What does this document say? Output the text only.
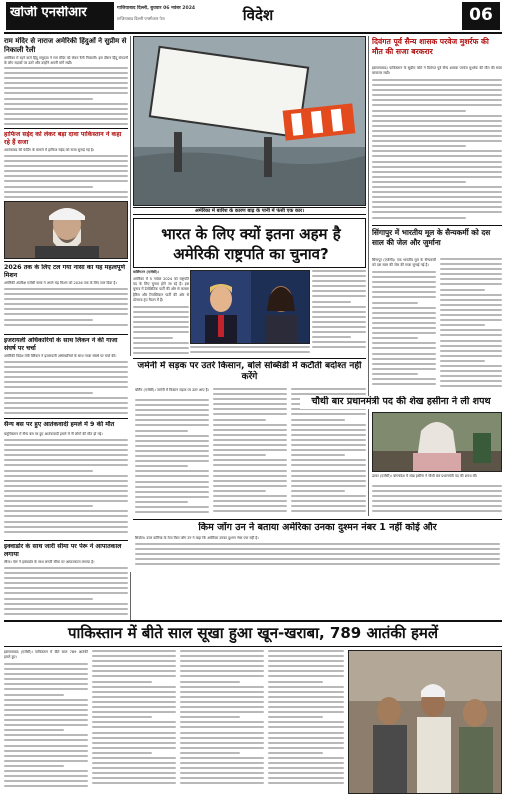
खोजी एनसीआर	गाजियाबाद दिल्ली, बुधवार 06 नवंबर 2024
ग़ाज़ियाबाद दिल्ली एनसीआर पेज	विदेश	06
राम मंदिर से नाराज अमेरिकी हिंदुओं ने सुप्रीम से निकाली रैली
अमेरिका में रहने वाले हिंदू समुदाय ने राम मंदिर को लेकर रैली निकाली। इस दौरान हिंदू संगठनों के लोग सड़कों पर उतरे और उन्होंने अपनी मांगें रखीं।
हाफिज सईद को लेकर बड़ा दावा पाकिस्तान ने कहा रहे हैं सजा
आतंकवाद की फंडिंग के मामले में हाफिज सईद को सजा सुनाई गई है।
2026 तक के लिए टल गया नासा का यह महत्वपूर्ण मिशन
अमेरिकी अंतरिक्ष एजेंसी नासा ने अपने चंद्र मिशन को 2026 तक के लिए टाल दिया है।
इजरायली अधिकारियों के साथ लिंकन ने की गाजा संघर्ष पर चर्चा
अमेरिकी विदेश मंत्री ब्लिंकन ने इजरायली अधिकारियों के साथ गाजा संघर्ष पर चर्चा की।
सैन्य बस पर हुए आतंकवादी हमले में 9 की मौत
बलूचिस्तान में सैन्य बस पर हुए आतंकवादी हमले में नौ लोगों की मौत हो गई।
इक्वाडोर के साथ जारी सीमा पर पेरू ने आपातकाल लगाया
लीमा। पेरू ने इक्वाडोर के साथ लगती सीमा पर आपातकाल लगाया है।
अमेरिका में बारिश के कारण बाढ़ के पानी में फंसी एक कार।
दिवंगत पूर्व सैन्य शासक परवेज मुशर्रफ की मौत की सजा बरकरार
इस्लामाबाद। पाकिस्तान के सुप्रीम कोर्ट ने दिवंगत पूर्व सैन्य शासक परवेज मुशर्रफ की मौत की सजा बरकरार रखी।
भारत के लिए क्यों इतना अहम है
अमेरिकी राष्ट्रपति का चुनाव?
सिंगापुर में भारतीय मूल के सैन्यकर्मी को दस साल की जेल और जुर्माना
सिंगापुर (एजेंसी)। एक भारतीय मूल के सैन्यकर्मी को दस साल की जेल की सजा सुनाई गई है।
वाशिंगटन (एजेंसी)।
अमेरिका में 5 नवंबर 2024 को राष्ट्रपति पद के लिए चुनाव होने जा रहे हैं। इस चुनाव में डेमोक्रेटिक पार्टी की ओर से कमला हैरिस और रिपब्लिकन पार्टी की ओर से डोनाल्ड ट्रंप मैदान में हैं।
जर्मनी में सड़क पर उतरे किसान, बोले सब्सिडी में कटौती बर्दाश्त नहीं करेंगे
बर्लिन (एजेंसी)। जर्मनी में किसान सड़क पर उतर आए हैं।
चौथी बार प्रधानमंत्री पद की शेख हसीना ने ली शपथ
ढाका (एजेंसी)। बांग्लादेश में शेख हसीना ने चौथी बार प्रधानमंत्री पद की शपथ ली।
किम जोंग उन ने बताया अमेरिका उनका दुश्मन नंबर 1 नहीं कोई और
सियोल। उत्तर कोरिया के नेता किम जोंग उन ने कहा कि अमेरिका उनका दुश्मन नंबर एक नहीं है।
पाकिस्तान में बीते साल सूखा हुआ खून-खराबा, 789 आतंकी हमलें
इस्लामाबाद (एजेंसी)। पाकिस्तान में बीते साल 789 आतंकी हमले हुए।
